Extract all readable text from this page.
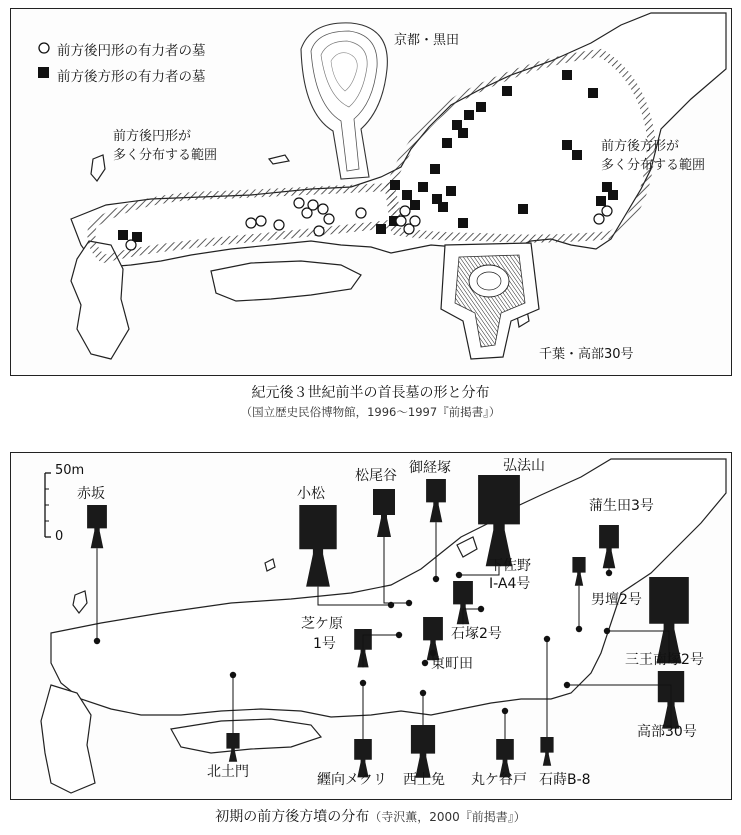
前方後円形の有力者の墓
前方後方形の有力者の墓
京都・黒田
前方後円形が
多く分布する範囲
前方後方形が
多く分布する範囲
千葉・高部30号
紀元後３世紀前半の首長墓の形と分布
（国立歴史民俗博物館，1996～1997『前掲書』）
50m
0
赤坂	小松
松尾谷 御経塚	弘法山
蒲生田3号
下佐野
Ⅰ-A4号
男壇2号
芝ケ原
1号
石塚2号
東町田	三王南塚2号
高部30号
北土門	纒向メクリ 西上免 丸ケ谷戸 石蒔B-8
初期の前方後方墳の分布（寺沢薫，2000『前掲書』）
